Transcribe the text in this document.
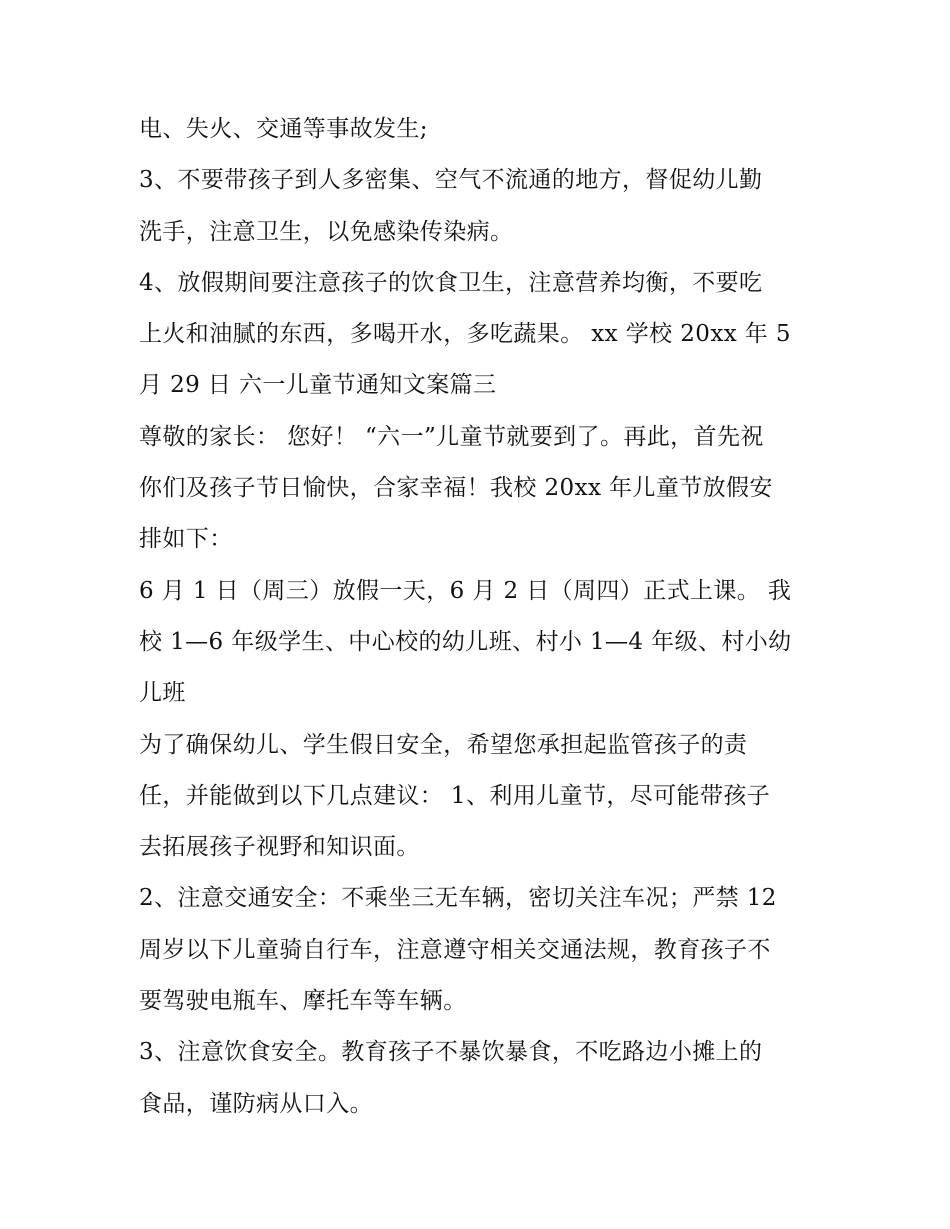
电、失火、交通等事故发生;
3、不要带孩子到人多密集、空气不流通的地方，督促幼儿勤
洗手，注意卫生，以免感染传染病。
4、放假期间要注意孩子的饮食卫生，注意营养均衡，不要吃
上火和油腻的东西，多喝开水，多吃蔬果。 xx 学校 20xx 年 5
月 29 日 六一儿童节通知文案篇三
尊敬的家长： 您好！ “六一”儿童节就要到了。再此，首先祝
你们及孩子节日愉快，合家幸福！我校 20xx 年儿童节放假安
排如下：
6 月 1 日（周三）放假一天，6 月 2 日（周四）正式上课。 我
校 1—6 年级学生、中心校的幼儿班、村小 1—4 年级、村小幼
儿班
为了确保幼儿、学生假日安全，希望您承担起监管孩子的责
任，并能做到以下几点建议： 1、利用儿童节，尽可能带孩子
去拓展孩子视野和知识面。
2、注意交通安全：不乘坐三无车辆，密切关注车况；严禁 12
周岁以下儿童骑自行车，注意遵守相关交通法规，教育孩子不
要驾驶电瓶车、摩托车等车辆。
3、注意饮食安全。教育孩子不暴饮暴食，不吃路边小摊上的
食品，谨防病从口入。
